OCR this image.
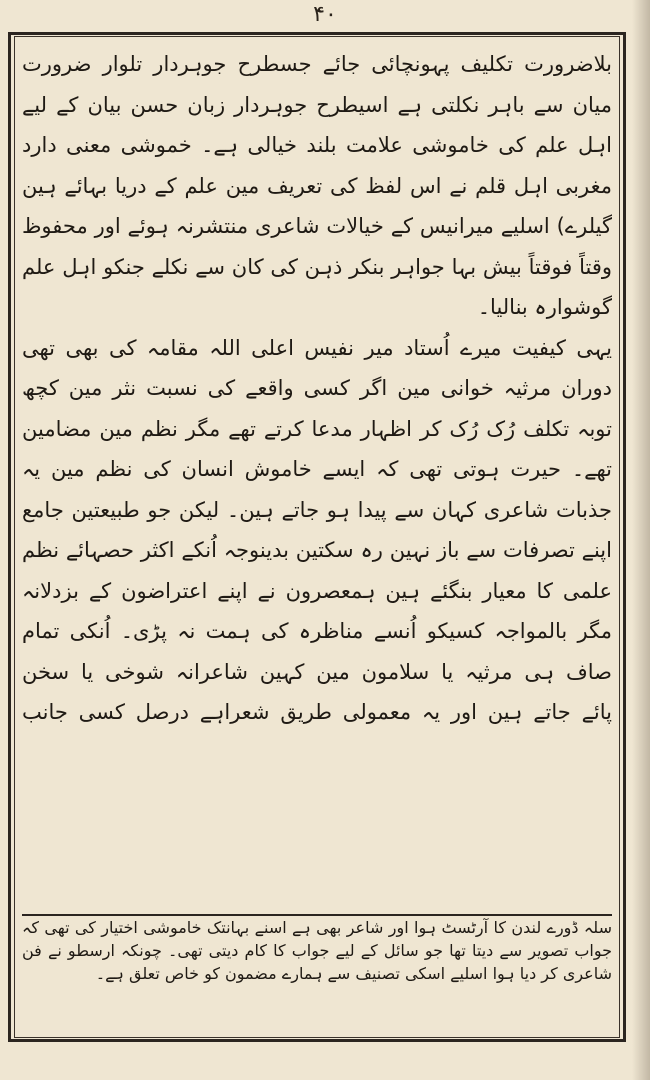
۴۰
بلاضرورت تکلیف پہونچائی جائے جسطرح جوہردار تلوار ضرورت
میان سے باہر نکلتی ہے اسیطرح جوہردار زبان حسن بیان کے لیے
اہل علم کی خاموشی علامت بلند خیالی ہے۔ خموشی معنی دارد
مغربی اہل قلم نے اس لفظ کی تعریف مین علم کے دریا بہائے ہین
گیلرے) اسلیے میرانیس کے خیالات شاعری منتشرنہ ہوئے اور محفوظ
وقتاً فوقتاً بیش بہا جواہر بنکر ذہن کی کان سے نکلے جنکو اہل علم
گوشوارہ بنالیا۔
یہی کیفیت میرے اُستاد میر نفیس اعلی اللہ مقامہ کی بھی تھی
دوران مرثیہ خوانی مین اگر کسی واقعے کی نسبت نثر مین کچھ
توبہ تکلف رُک رُک کر اظہار مدعا کرتے تھے مگر نظم مین مضامین
تھے۔ حیرت ہوتی تھی کہ ایسے خاموش انسان کی نظم مین یہ
جذبات شاعری کہان سے پیدا ہو جاتے ہین۔ لیکن جو طبیعتین جامع
اپنے تصرفات سے باز نہین رہ سکتین بدینوجہ اُنکے اکثر حصہائے نظم
علمی کا معیار بنگئے ہین ہمعصرون نے اپنے اعتراضون کے بزدلانہ
مگر بالمواجہ کسیکو اُنسے مناظرہ کی ہمت نہ پڑی۔ اُنکی تمام
صاف ہی مرثیہ یا سلامون مین کہین شاعرانہ شوخی یا سخن
پائے جاتے ہین اور یہ معمولی طریق شعراہے درصل کسی جانب
سلہ ڈورے لندن کا آرٹسٹ ہوا اور شاعر بھی ہے اسنے بہانتک خاموشی اختیار کی تھی کہ
جواب تصویر سے دیتا تھا جو سائل کے لیے جواب کا کام دیتی تھی۔ چونکہ ارسطو نے فن
شاعری کر دیا ہوا اسلیے اسکی تصنیف سے ہمارے مضمون کو خاص تعلق ہے۔
